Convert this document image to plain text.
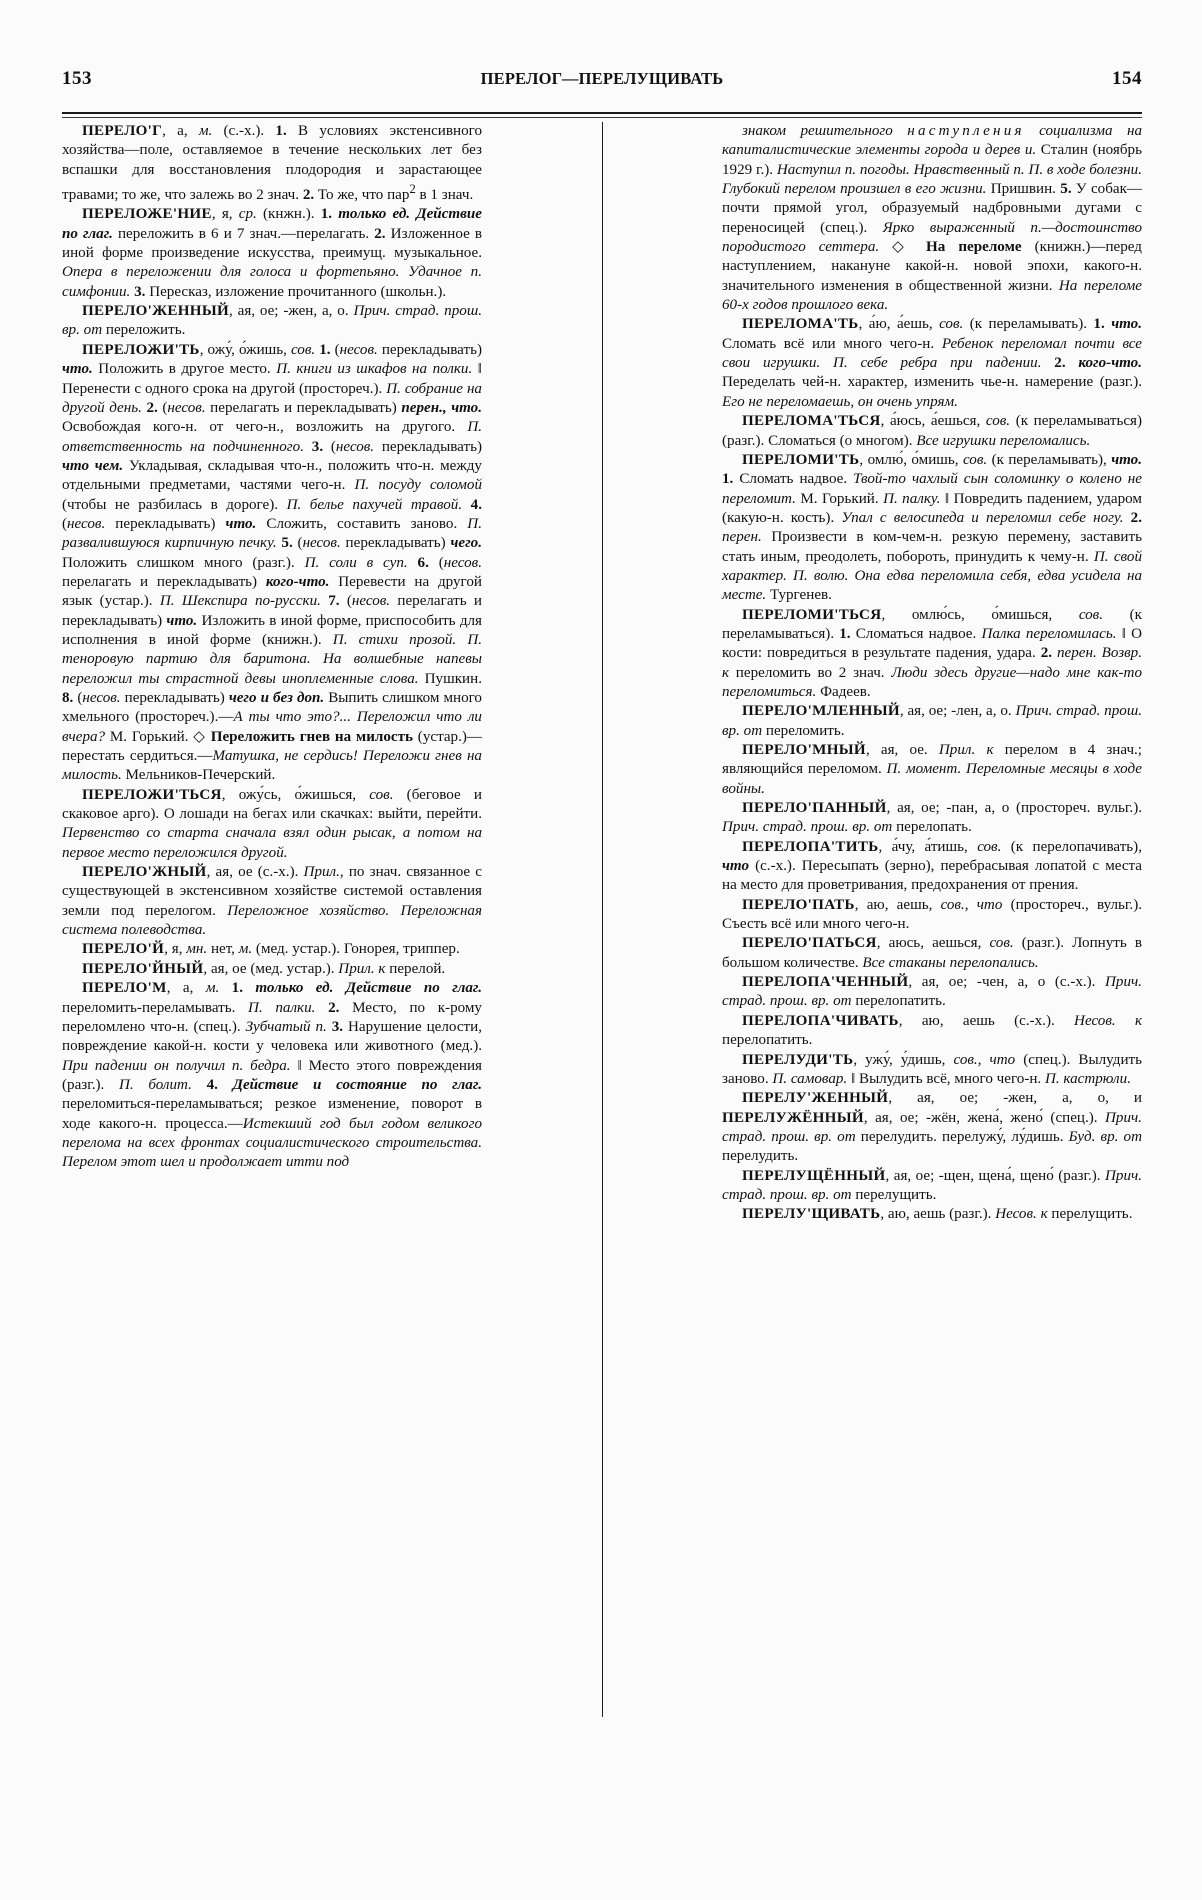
153	ПЕРЕЛОГ—ПЕРЕЛУЩИВАТЬ	154

ПЕРЕЛО'Г, а, м. (с.-х.). 1. В условиях экстенсивного хозяйства—поле, оставляемое в течение нескольких лет без вспашки для восстановления плодородия и зарастающее травами; то же, что залежь во 2 знач. 2. То же, что пар$^2$ в 1 знач.

ПЕРЕЛОЖЕ'НИЕ, я, ср. (кнжн.). 1. только ед. Действие по глаг. переложить в 6 и 7 знач.—перелагать. 2. Изложенное в иной форме произведение искусства, преимущ. музыкальное. Опера в переложении для голоса и фортепьяно. Удачное п. симфонии. 3. Пересказ, изложение прочитанного (школьн.).

ПЕРЕЛО'ЖЕННЫЙ, ая, ое; -жен, а, о. Прич. страд. прош. вр. от переложить.

ПЕРЕЛОЖИ'ТЬ, ожу́, о́жишь, сов. 1. (несов. перекладывать) что. Положить в другое место. П. книги из шкафов на полки. ‖ Перенести с одного срока на другой (простореч.). П. собрание на другой день. 2. (несов. перелагать и перекладывать) перен., что. Освобождая кого-н. от чего-н., возложить на другого. П. ответственность на подчиненного. 3. (несов. перекладывать) что чем. Укладывая, складывая что-н., положить что-н. между отдельными предметами, частями чего-н. П. посуду соломой (чтобы не разбилась в дороге). П. белье пахучей травой. 4. (несов. перекладывать) что. Сложить, составить заново. П. развалившуюся кирпичную печку. 5. (несов. перекладывать) чего. Положить слишком много (разг.). П. соли в суп. 6. (несов. перелагать и перекладывать) кого-что. Перевести на другой язык (устар.). П. Шекспира по-русски. 7. (несов. перелагать и перекладывать) что. Изложить в иной форме, приспособить для исполнения в иной форме (книжн.). П. стихи прозой. П. теноровую партию для баритона. На волшебные напевы переложил ты страстной девы иноплеменные слова. Пушкин. 8. (несов. перекладывать) чего и без доп. Выпить слишком много хмельного (простореч.).—А ты что это?... Переложил что ли вчера? М. Горький. ◇ Переложить гнев на милость (устар.)—перестать сердиться.—Матушка, не сердись! Переложи гнев на милость. Мельников-Печерский.

ПЕРЕЛОЖИ'ТЬСЯ, ожу́сь, о́жишься, сов. (беговое и скаковое арго). О лошади на бегах или скачках: выйти, перейти. Первенство со старта сначала взял один рысак, а потом на первое место переложился другой.

ПЕРЕЛО'ЖНЫЙ, ая, ое (с.-х.). Прил., по знач. связанное с существующей в экстенсивном хозяйстве системой оставления земли под перелогом. Переложное хозяйство. Переложная система полеводства.

ПЕРЕЛО'Й, я, мн. нет, м. (мед. устар.). Гонорея, триппер.

ПЕРЕЛО'ЙНЫЙ, ая, ое (мед. устар.). Прил. к перелой.

ПЕРЕЛО'М, а, м. 1. только ед. Действие по глаг. переломить-переламывать. П. палки. 2. Место, по к-рому переломлено что-н. (спец.). Зубчатый п. 3. Нарушение целости, повреждение какой-н. кости у человека или животного (мед.). При падении он получил п. бедра. ‖ Место этого повреждения (разг.). П. болит. 4. Действие и состояние по глаг. переломиться-переламываться; резкое изменение, поворот в ходе какого-н. процесса.—Истекший год был годом великого перелома на всех фронтах социалистического строительства. Перелом этот шел и продолжает итти под

знаком решительного наступления социализма на капиталистические элементы города и дерев и. Сталин (ноябрь 1929 г.). Наступил п. погоды. Нравственный п. П. в ходе болезни. Глубокий перелом произшел в его жизни. Пришвин. 5. У собак—почти прямой угол, образуемый надбровными дугами с переносицей (спец.). Ярко выраженный п.—достоинство породистого сеттера. ◇ На переломе (книжн.)—перед наступлением, накануне какой-н. новой эпохи, какого-н. значительного изменения в общественной жизни. На переломе 60-х годов прошлого века.

ПЕРЕЛОМА'ТЬ, а́ю, а́ешь, сов. (к переламывать). 1. что. Сломать всё или много чего-н. Ребенок переломал почти все свои игрушки. П. себе ребра при падении. 2. кого-что. Переделать чей-н. характер, изменить чье-н. намерение (разг.). Его не переломаешь, он очень упрям.

ПЕРЕЛОМА'ТЬСЯ, а́юсь, а́ешься, сов. (к переламываться) (разг.). Сломаться (о многом). Все игрушки переломались.

ПЕРЕЛОМИ'ТЬ, омлю́, о́мишь, сов. (к переламывать), что. 1. Сломать надвое. Твой-то чахлый сын соломинку о колено не переломит. М. Горький. П. палку. ‖ Повредить падением, ударом (какую-н. кость). Упал с велосипеда и переломил себе ногу. 2. перен. Произвести в ком-чем-н. резкую перемену, заставить стать иным, преодолеть, побороть, принудить к чему-н. П. свой характер. П. волю. Она едва переломила себя, едва усидела на месте. Тургенев.

ПЕРЕЛОМИ'ТЬСЯ, омлю́сь, о́мишься, сов. (к переламываться). 1. Сломаться надвое. Палка переломилась. ‖ О кости: повредиться в результате падения, удара. 2. перен. Возвр. к переломить во 2 знач. Люди здесь другие—надо мне как-то переломиться. Фадеев.

ПЕРЕЛО'МЛЕННЫЙ, ая, ое; -лен, а, о. Прич. страд. прош. вр. от переломить.

ПЕРЕЛО'МНЫЙ, ая, ое. Прил. к перелом в 4 знач.; являющийся переломом. П. момент. Переломные месяцы в ходе войны.

ПЕРЕЛО'ПАННЫЙ, ая, ое; -пан, а, о (простореч. вульг.). Прич. страд. прош. вр. от перелопать.

ПЕРЕЛОПА'ТИТЬ, а́чу, а́тишь, сов. (к перелопачивать), что (с.-х.). Пересыпать (зерно), перебрасывая лопатой с места на место для проветривания, предохранения от прения.

ПЕРЕЛО'ПАТЬ, аю, аешь, сов., что (простореч., вульг.). Съесть всё или много чего-н.

ПЕРЕЛО'ПАТЬСЯ, аюсь, аешься, сов. (разг.). Лопнуть в большом количестве. Все стаканы перелопались.

ПЕРЕЛОПА'ЧЕННЫЙ, ая, ое; -чен, а, о (с.-х.). Прич. страд. прош. вр. от перелопатить.

ПЕРЕЛОПА'ЧИВАТЬ, аю, аешь (с.-х.). Несов. к перелопатить.

ПЕРЕЛУДИ'ТЬ, ужу́, у́дишь, сов., что (спец.). Вылудить заново. П. самовар. ‖ Вылудить всё, много чего-н. П. кастрюли.

ПЕРЕЛУ'ЖЕННЫЙ, ая, ое; -жен, а, о, и ПЕРЕЛУЖЁННЫЙ, ая, ое; -жён, жена́, жено́ (спец.). Прич. страд. прош. вр. от перелудить. перелужу́, лу́дишь. Буд. вр. от перелудить.

ПЕРЕЛУЩЁННЫЙ, ая, ое; -щен, щена́, щено́ (разг.). Прич. страд. прош. вр. от перелущить.

ПЕРЕЛУ'ЩИВАТЬ, аю, аешь (разг.). Несов. к перелущить.
